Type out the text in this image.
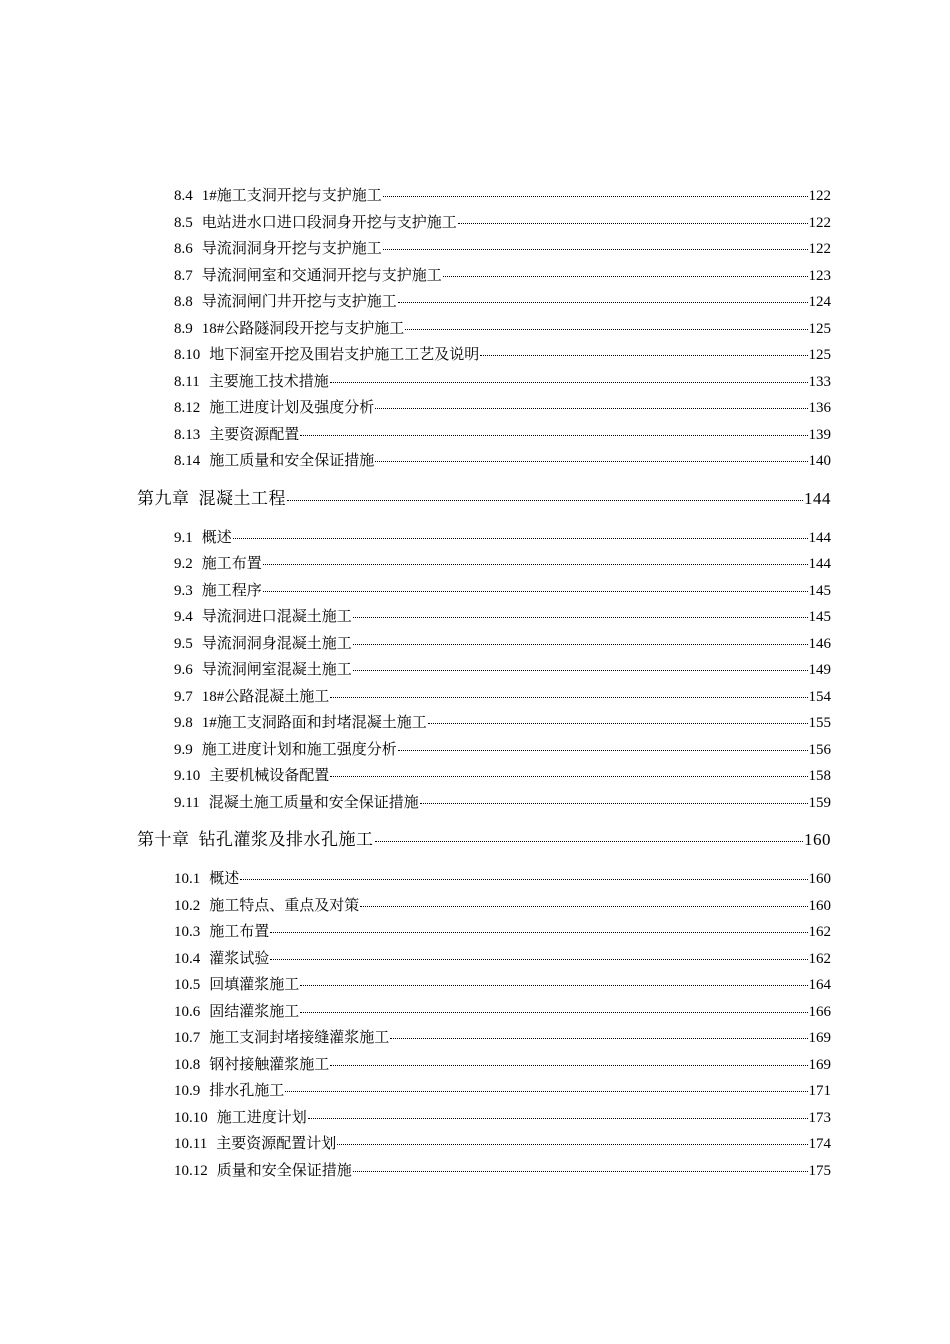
8.4 1#施工支洞开挖与支护施工	122
8.5 电站进水口进口段洞身开挖与支护施工	122
8.6 导流洞洞身开挖与支护施工	122
8.7 导流洞闸室和交通洞开挖与支护施工	123
8.8 导流洞闸门井开挖与支护施工	124
8.9 18#公路隧洞段开挖与支护施工	125
8.10 地下洞室开挖及围岩支护施工工艺及说明	125
8.11 主要施工技术措施	133
8.12 施工进度计划及强度分析	136
8.13 主要资源配置	139
8.14 施工质量和安全保证措施	140
第九章 混凝土工程	144
9.1 概述	144
9.2 施工布置	144
9.3 施工程序	145
9.4 导流洞进口混凝土施工	145
9.5 导流洞洞身混凝土施工	146
9.6 导流洞闸室混凝土施工	149
9.7 18#公路混凝土施工	154
9.8 1#施工支洞路面和封堵混凝土施工	155
9.9 施工进度计划和施工强度分析	156
9.10 主要机械设备配置	158
9.11 混凝土施工质量和安全保证措施	159
第十章 钻孔灌浆及排水孔施工	160
10.1 概述	160
10.2 施工特点、重点及对策	160
10.3 施工布置	162
10.4 灌浆试验	162
10.5 回填灌浆施工	164
10.6 固结灌浆施工	166
10.7 施工支洞封堵接缝灌浆施工	169
10.8 钢衬接触灌浆施工	169
10.9 排水孔施工	171
10.10 施工进度计划	173
10.11 主要资源配置计划	174
10.12 质量和安全保证措施	175
